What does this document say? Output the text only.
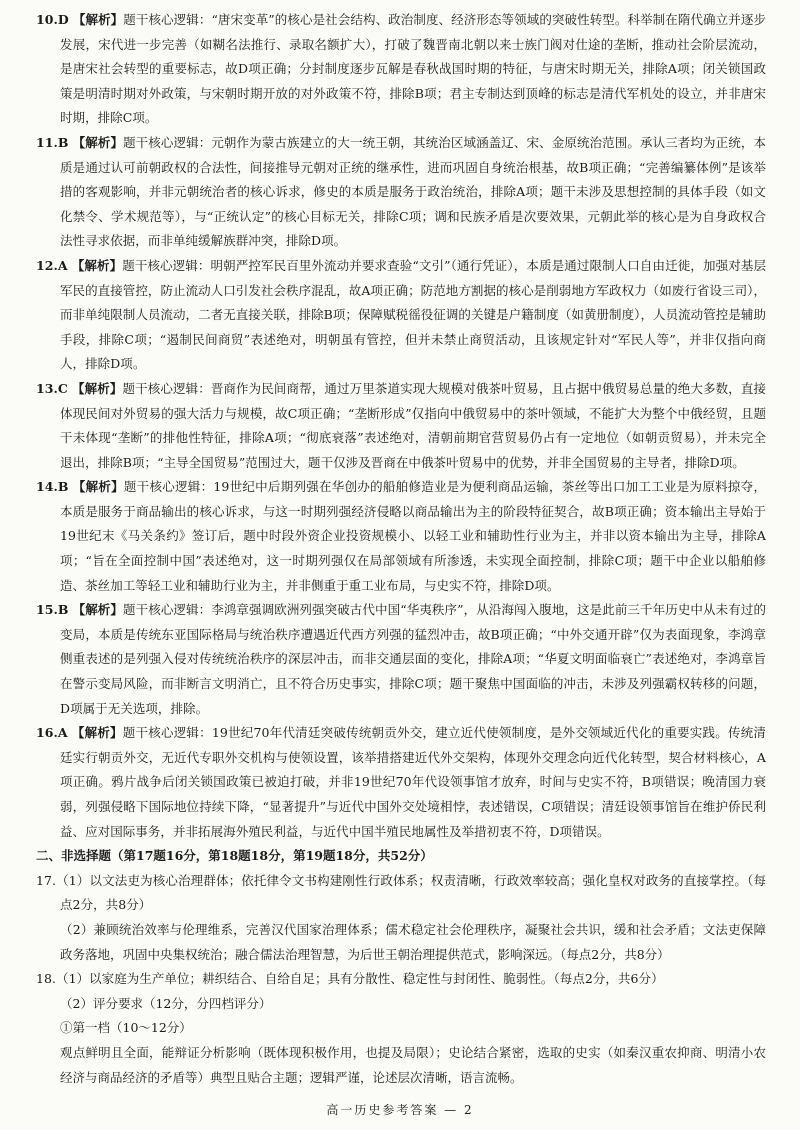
10.D 【解析】题干核心逻辑：“唐宋变革”的核心是社会结构、政治制度、经济形态等领域的突破性转型。科举制在隋代确立并逐步发展，宋代进一步完善（如糊名法推行、录取名额扩大），打破了魏晋南北朝以来士族门阀对仕途的垄断，推动社会阶层流动，是唐宋社会转型的重要标志，故D项正确；分封制度逐步瓦解是春秋战国时期的特征，与唐宋时期无关，排除A项；闭关锁国政策是明清时期对外政策，与宋朝时期开放的对外政策不符，排除B项；君主专制达到顶峰的标志是清代军机处的设立，并非唐宋时期，排除C项。

11.B 【解析】题干核心逻辑：元朝作为蒙古族建立的大一统王朝，其统治区域涵盖辽、宋、金原统治范围。承认三者均为正统，本质是通过认可前朝政权的合法性，间接推导元朝对正统的继承性，进而巩固自身统治根基，故B项正确；“完善编纂体例”是该举措的客观影响，并非元朝统治者的核心诉求，修史的本质是服务于政治统治，排除A项；题干未涉及思想控制的具体手段（如文化禁令、学术规范等），与“正统认定”的核心目标无关，排除C项；调和民族矛盾是次要效果，元朝此举的核心是为自身政权合法性寻求依据，而非单纯缓解族群冲突，排除D项。

12.A 【解析】题干核心逻辑：明朝严控军民百里外流动并要求查验“文引”（通行凭证），本质是通过限制人口自由迁徙，加强对基层军民的直接管控，防止流动人口引发社会秩序混乱，故A项正确；防范地方割据的核心是削弱地方军政权力（如废行省设三司），而非单纯限制人员流动，二者无直接关联，排除B项；保障赋税徭役征调的关键是户籍制度（如黄册制度），人员流动管控是辅助手段，排除C项；“遏制民间商贸”表述绝对，明朝虽有管控，但并未禁止商贸活动，且该规定针对“军民人等”，并非仅指向商人，排除D项。

13.C 【解析】题干核心逻辑：晋商作为民间商帮，通过万里茶道实现大规模对俄茶叶贸易，且占据中俄贸易总量的绝大多数，直接体现民间对外贸易的强大活力与规模，故C项正确；“垄断形成”仅指向中俄贸易中的茶叶领域，不能扩大为整个中俄经贸，且题干未体现“垄断”的排他性特征，排除A项；“彻底衰落”表述绝对，清朝前期官营贸易仍占有一定地位（如朝贡贸易），并未完全退出，排除B项；“主导全国贸易”范围过大，题干仅涉及晋商在中俄茶叶贸易中的优势，并非全国贸易的主导者，排除D项。

14.B 【解析】题干核心逻辑：19世纪中后期列强在华创办的船舶修造业是为便利商品运输，茶丝等出口加工工业是为原料掠夺，本质是服务于商品输出的核心诉求，与这一时期列强经济侵略以商品输出为主的阶段特征契合，故B项正确；资本输出主导始于19世纪末《马关条约》签订后，题中时段外资企业投资规模小、以轻工业和辅助性行业为主，并非以资本输出为主导，排除A项；“旨在全面控制中国”表述绝对，这一时期列强仅在局部领域有所渗透，未实现全面控制，排除C项；题干中企业以船舶修造、茶丝加工等轻工业和辅助行业为主，并非侧重于重工业布局，与史实不符，排除D项。

15.B 【解析】题干核心逻辑：李鸿章强调欧洲列强突破古代中国“华夷秩序”，从沿海闯入腹地，这是此前三千年历史中从未有过的变局，本质是传统东亚国际格局与统治秩序遭遇近代西方列强的猛烈冲击，故B项正确；“中外交通开辟”仅为表面现象，李鸿章侧重表述的是列强入侵对传统统治秩序的深层冲击，而非交通层面的变化，排除A项；“华夏文明面临衰亡”表述绝对，李鸿章旨在警示变局风险，而非断言文明消亡，且不符合历史事实，排除C项；题干聚焦中国面临的冲击，未涉及列强霸权转移的问题，D项属于无关选项，排除。

16.A 【解析】题干核心逻辑：19世纪70年代清廷突破传统朝贡外交，建立近代使领制度，是外交领域近代化的重要实践。传统清廷实行朝贡外交，无近代专职外交机构与使领设置，该举措搭建近代外交架构，体现外交理念向近代化转型，契合材料核心，A项正确。鸦片战争后闭关锁国政策已被迫打破，并非19世纪70年代设领事馆才放弃，时间与史实不符，B项错误；晚清国力衰弱，列强侵略下国际地位持续下降，“显著提升”与近代中国外交处境相悖，表述错误，C项错误；清廷设领事馆旨在维护侨民利益、应对国际事务，并非拓展海外殖民利益，与近代中国半殖民地属性及举措初衷不符，D项错误。

二、非选择题（第17题16分，第18题18分，第19题18分，共52分）

17.（1）以文法吏为核心治理群体；依托律令文书构建刚性行政体系；权责清晰，行政效率较高；强化皇权对政务的直接掌控。（每点2分，共8分）

（2）兼顾统治效率与伦理维系，完善汉代国家治理体系；儒术稳定社会伦理秩序，凝聚社会共识，缓和社会矛盾；文法吏保障政务落地，巩固中央集权统治；融合儒法治理智慧，为后世王朝治理提供范式，影响深远。（每点2分，共8分）

18.（1）以家庭为生产单位；耕织结合、自给自足；具有分散性、稳定性与封闭性、脆弱性。（每点2分，共6分）

（2）评分要求（12分，分四档评分）

①第一档（10～12分）

观点鲜明且全面，能辩证分析影响（既体现积极作用，也提及局限）；史论结合紧密，选取的史实（如秦汉重农抑商、明清小农经济与商品经济的矛盾等）典型且贴合主题；逻辑严谨，论述层次清晰，语言流畅。

高一历史参考答案 — 2
